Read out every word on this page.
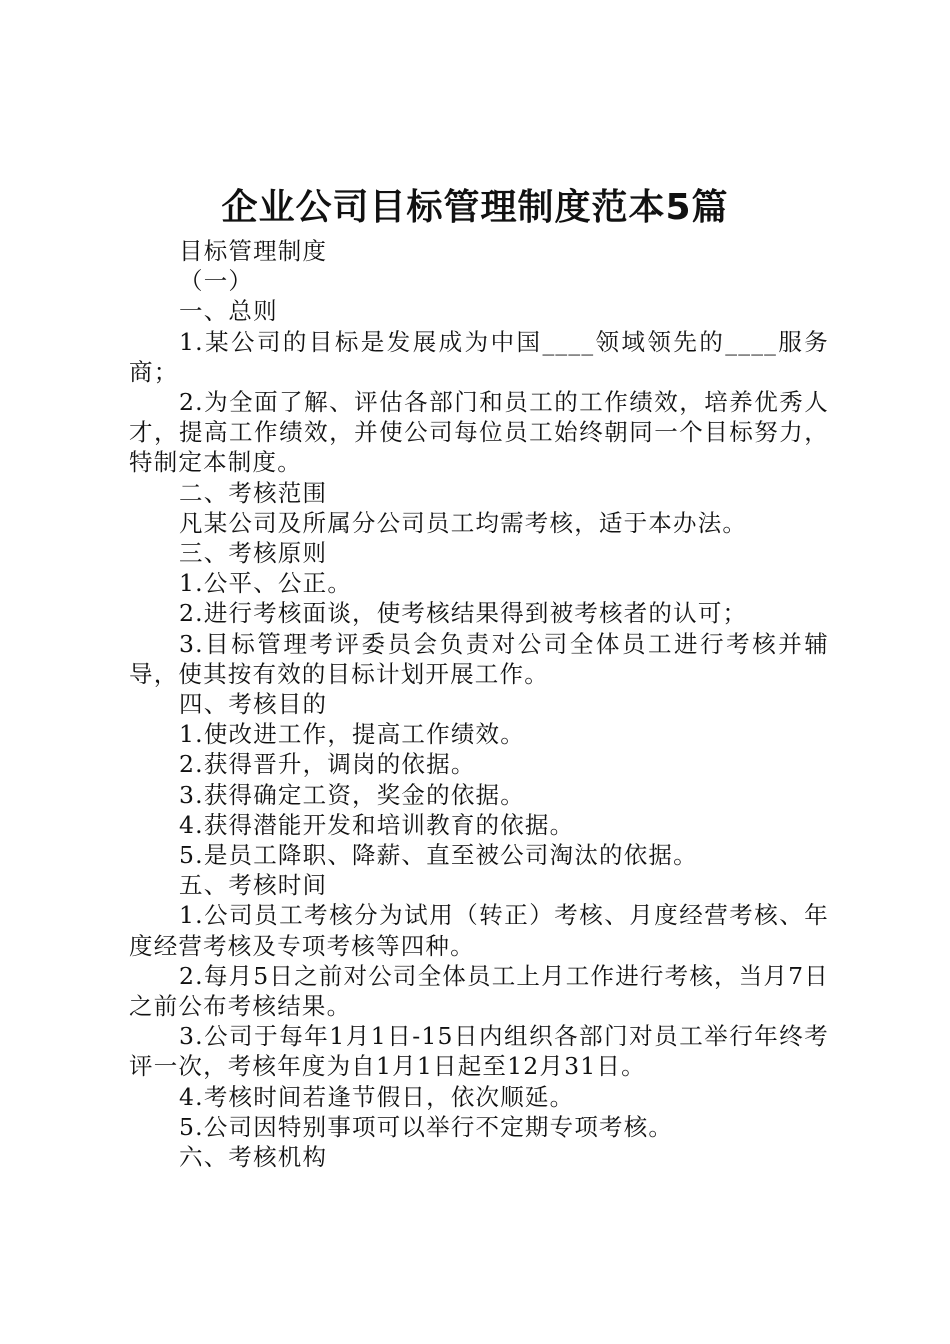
企业公司目标管理制度范本5篇

目标管理制度

（一）

一、总则

1.某公司的目标是发展成为中国____领域领先的____服务商；

2.为全面了解、评估各部门和员工的工作绩效，培养优秀人才，提高工作绩效，并使公司每位员工始终朝同一个目标努力，特制定本制度。

二、考核范围

凡某公司及所属分公司员工均需考核，适于本办法。

三、考核原则

1.公平、公正。

2.进行考核面谈，使考核结果得到被考核者的认可；

3.目标管理考评委员会负责对公司全体员工进行考核并辅导，使其按有效的目标计划开展工作。

四、考核目的

1.使改进工作，提高工作绩效。

2.获得晋升，调岗的依据。

3.获得确定工资，奖金的依据。

4.获得潜能开发和培训教育的依据。

5.是员工降职、降薪、直至被公司淘汰的依据。

五、考核时间

1.公司员工考核分为试用（转正）考核、月度经营考核、年度经营考核及专项考核等四种。

2.每月5日之前对公司全体员工上月工作进行考核，当月7日之前公布考核结果。

3.公司于每年1月1日-15日内组织各部门对员工举行年终考评一次，考核年度为自1月1日起至12月31日。

4.考核时间若逢节假日，依次顺延。

5.公司因特别事项可以举行不定期专项考核。

六、考核机构
